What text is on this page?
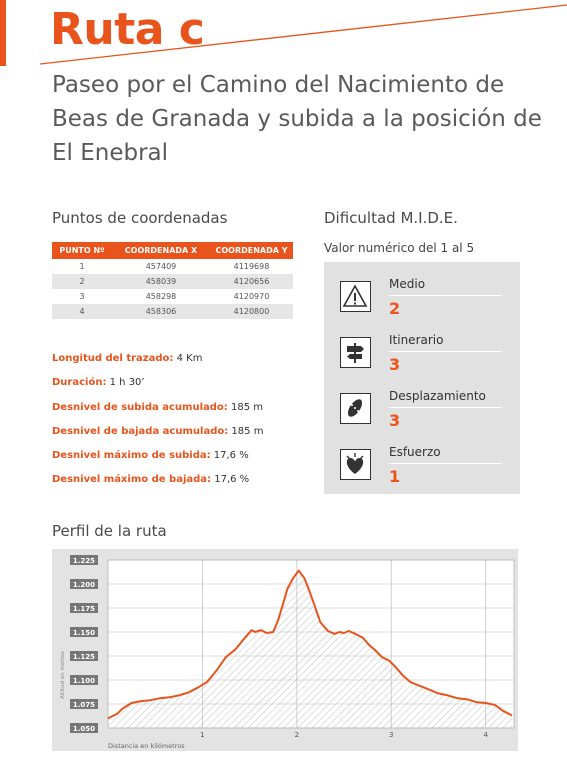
Ruta c
Paseo por el Camino del Nacimiento de Beas de Granada y subida a la posición de El Enebral
Puntos de coordenadas
PUNTO Nº	COORDENADA X	COORDENADA Y
1	457409	4119698
2	458039	4120656
3	458298	4120970
4	458306	4120800
Longitud del trazado: 4 Km
Duración: 1 h 30’
Desnivel de subida acumulado: 185 m
Desnivel de bajada acumulado: 185 m
Desnivel máximo de subida: 17,6 %
Desnivel máximo de bajada: 17,6 %
Dificultad M.I.D.E.
Valor numérico del 1 al 5
Medio
2
Itinerario
3
Desplazamiento
3
Esfuerzo
1
Perfil de la ruta
1.225
1.200
1.175
1.150
1.125
1.100
1.075
1.050
1	2	3	4
Distancia en kilómetros
Altitud en metros
